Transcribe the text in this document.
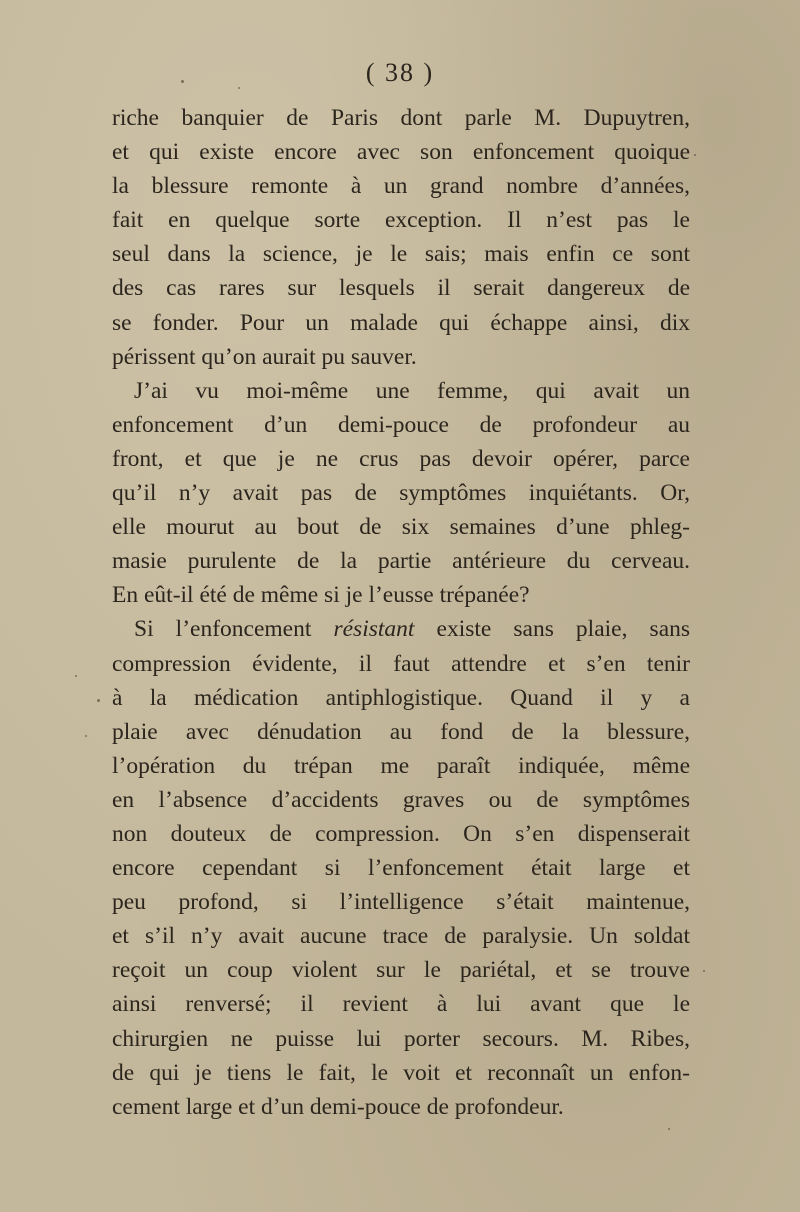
( 38 )
riche banquier de Paris dont parle M. Dupuytren,
et qui existe encore avec son enfoncement quoique
la blessure remonte à un grand nombre d’années,
fait en quelque sorte exception. Il n’est pas le
seul dans la science, je le sais; mais enfin ce sont
des cas rares sur lesquels il serait dangereux de
se fonder. Pour un malade qui échappe ainsi, dix
périssent qu’on aurait pu sauver.
J’ai vu moi-même une femme, qui avait un
enfoncement d’un demi-pouce de profondeur au
front, et que je ne crus pas devoir opérer, parce
qu’il n’y avait pas de symptômes inquiétants. Or,
elle mourut au bout de six semaines d’une phleg-
masie purulente de la partie antérieure du cerveau.
En eût-il été de même si je l’eusse trépanée?
Si l’enfoncement résistant existe sans plaie, sans
compression évidente, il faut attendre et s’en tenir
à la médication antiphlogistique. Quand il y a
plaie avec dénudation au fond de la blessure,
l’opération du trépan me paraît indiquée, même
en l’absence d’accidents graves ou de symptômes
non douteux de compression. On s’en dispenserait
encore cependant si l’enfoncement était large et
peu profond, si l’intelligence s’était maintenue,
et s’il n’y avait aucune trace de paralysie. Un soldat
reçoit un coup violent sur le pariétal, et se trouve
ainsi renversé; il revient à lui avant que le
chirurgien ne puisse lui porter secours. M. Ribes,
de qui je tiens le fait, le voit et reconnaît un enfon-
cement large et d’un demi-pouce de profondeur.
